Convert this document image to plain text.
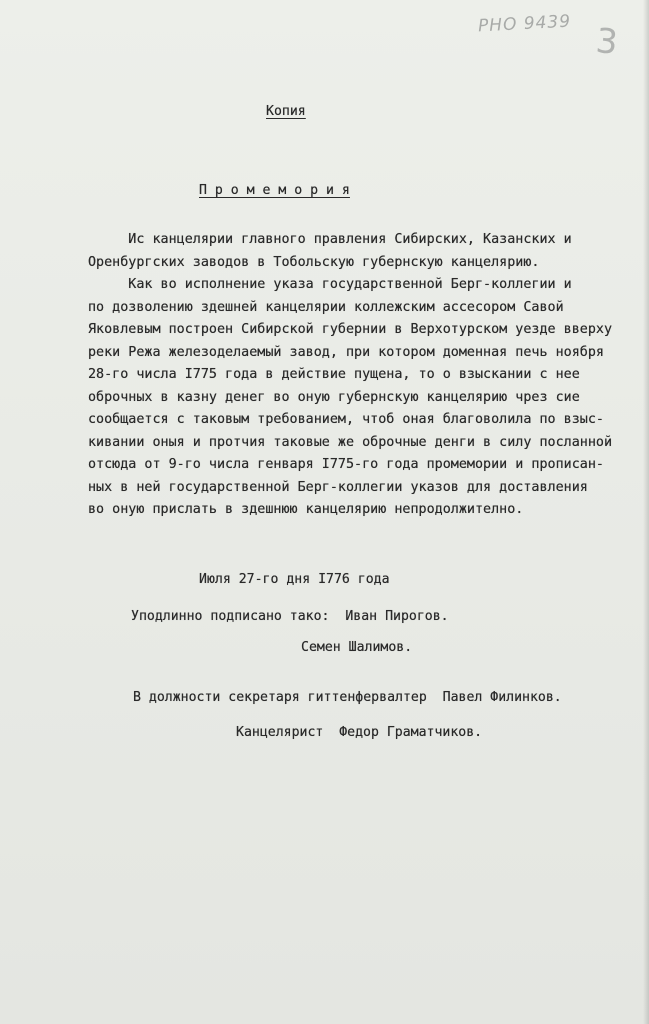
РНО 9439 3
Копия
П р о м е м о р и я
Ис канцелярии главного правления Сибирских, Казанских и
Оренбургских заводов в Тобольскую губернскую канцелярию.
Как во исполнение указа государственной Берг-коллегии и
по дозволению здешней канцелярии коллежским ассесором Савой
Яковлевым построен Сибирской губернии в Верхотурском уезде вверху
реки Режа железоделаемый завод, при котором доменная печь ноября
28-го числа І775 года в действие пущена, то о взыскании с нее
оброчных в казну денег во оную губернскую канцелярию чрез сие
сообщается с таковым требованием, чтоб оная благоволила по взыс-
кивании оныя и протчия таковые же оброчные денги в силу посланной
отсюда от 9-го числа генваря І775-го года промемории и прописан-
ных в ней государственной Берг-коллегии указов для доставления
во оную прислать в здешнюю канцелярию непродолжително.
Июля 27-го дня І776 года
Уподлинно подписано тако:  Иван Пирогов.
Семен Шалимов.
В должности секретаря гиттенфервалтер  Павел Филинков.
Канцелярист  Федор Граматчиков.
